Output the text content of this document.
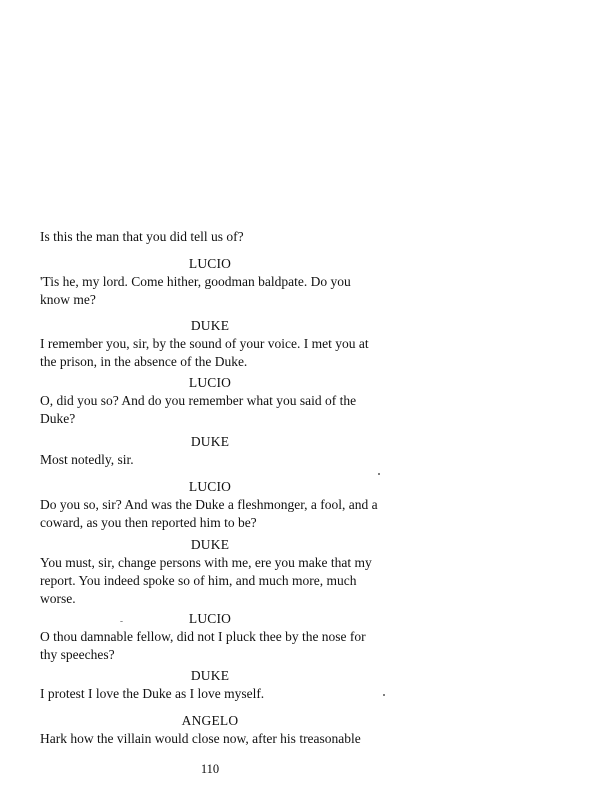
Is this the man that you did tell us of?

LUCIO

'Tis he, my lord. Come hither, goodman baldpate. Do you know me?

DUKE

I remember you, sir, by the sound of your voice. I met you at the prison, in the absence of the Duke.

LUCIO

O, did you so? And do you remember what you said of the Duke?

DUKE

Most notedly, sir.

LUCIO

Do you so, sir? And was the Duke a fleshmonger, a fool, and a coward, as you then reported him to be?

DUKE

You must, sir, change persons with me, ere you make that my report. You indeed spoke so of him, and much more, much worse.

LUCIO

O thou damnable fellow, did not I pluck thee by the nose for thy speeches?

DUKE

I protest I love the Duke as I love myself.

ANGELO

Hark how the villain would close now, after his treasonable

110
